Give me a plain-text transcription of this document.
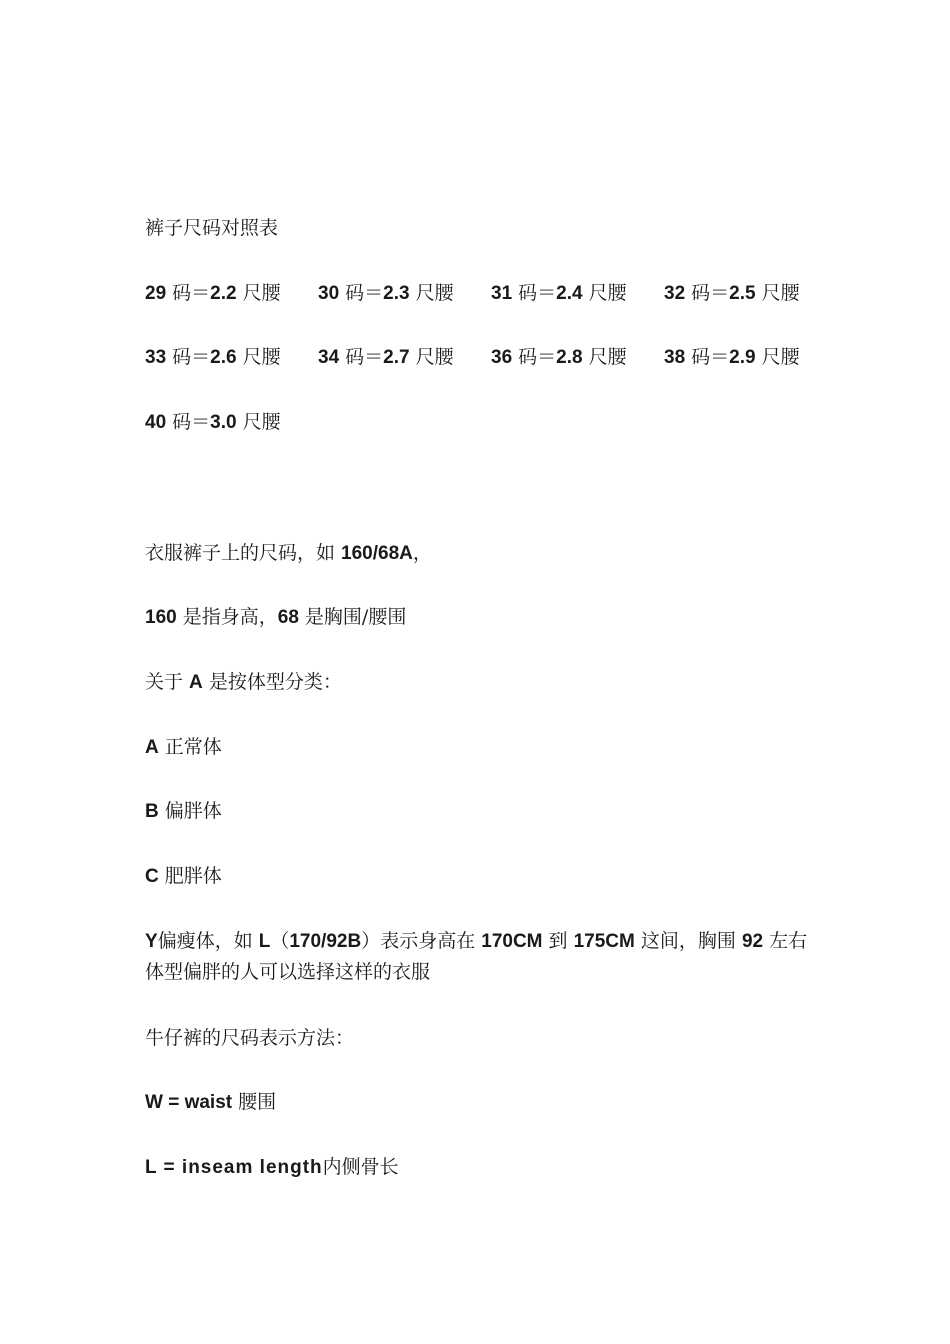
裤子尺码对照表
29 码＝2.2 尺腰 30 码＝2.3 尺腰 31 码＝2.4 尺腰 32 码＝2.5 尺腰
33 码＝2.6 尺腰 34 码＝2.7 尺腰 36 码＝2.8 尺腰 38 码＝2.9 尺腰
40 码＝3.0 尺腰
衣服裤子上的尺码，如 160/68A，
160 是指身高，68 是胸围/腰围
关于 A 是按体型分类：
A 正常体
B 偏胖体
C 肥胖体
Y偏瘦体，如 L（170/92B）表示身高在 170CM 到 175CM 这间，胸围 92 左右
体型偏胖的人可以选择这样的衣服
牛仔裤的尺码表示方法：
W = waist 腰围
L = inseam length内侧骨长
